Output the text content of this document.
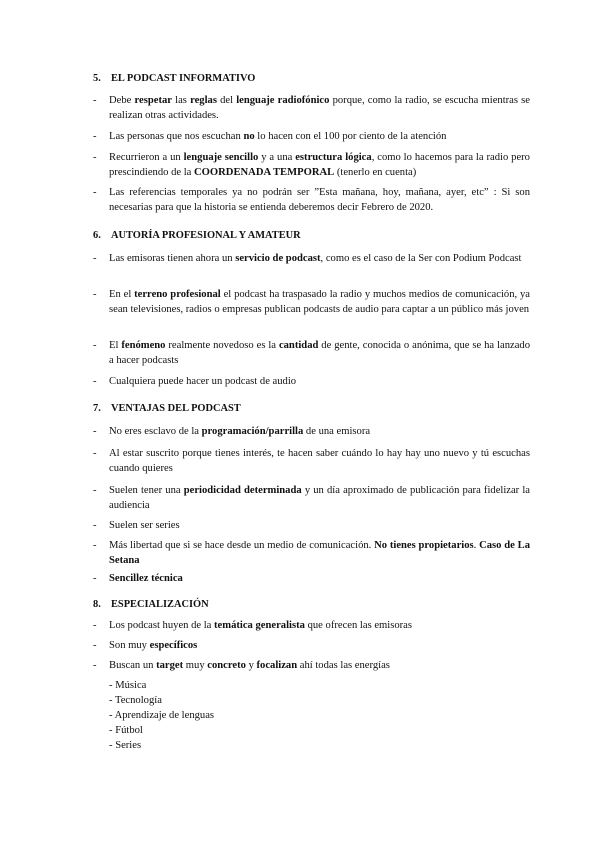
5. EL PODCAST INFORMATIVO
- Debe respetar las reglas del lenguaje radiofónico porque, como la radio, se escucha mientras se realizan otras actividades.
- Las personas que nos escuchan no lo hacen con el 100 por ciento de la atención
- Recurrieron a un lenguaje sencillo y a una estructura lógica, como lo hacemos para la radio pero prescindiendo de la COORDENADA TEMPORAL (tenerlo en cuenta)
- Las referencias temporales ya no podrán ser ”Esta mañana, hoy, mañana, ayer, etc” : Si son necesarias para que la historia se entienda deberemos decir Febrero de 2020.
6. AUTORÍA PROFESIONAL Y AMATEUR
- Las emisoras tienen ahora un servicio de podcast, como es el caso de la Ser con Podium Podcast
- En el terreno profesional el podcast ha traspasado la radio y muchos medios de comunicación, ya sean televisiones, radios o empresas publican podcasts de audio para captar a un público más joven
- El fenómeno realmente novedoso es la cantidad de gente, conocida o anónima, que se ha lanzado a hacer podcasts
- Cualquiera puede hacer un podcast de audio
7. VENTAJAS DEL PODCAST
- No eres esclavo de la programación/parrilla de una emisora
- Al estar suscrito porque tienes interés, te hacen saber cuándo lo hay hay uno nuevo y tú escuchas cuando quieres
- Suelen tener una periodicidad determinada y un día aproximado de publicación para fidelizar la audiencia
- Suelen ser series
- Más libertad que si se hace desde un medio de comunicación. No tienes propietarios. Caso de La Setana
- Sencillez técnica
8. ESPECIALIZACIÓN
- Los podcast huyen de la temática generalista que ofrecen las emisoras
- Son muy específicos
- Buscan un target muy concreto y focalizan ahí todas las energías
- Música
- Tecnología
- Aprendizaje de lenguas
- Fútbol
- Series
